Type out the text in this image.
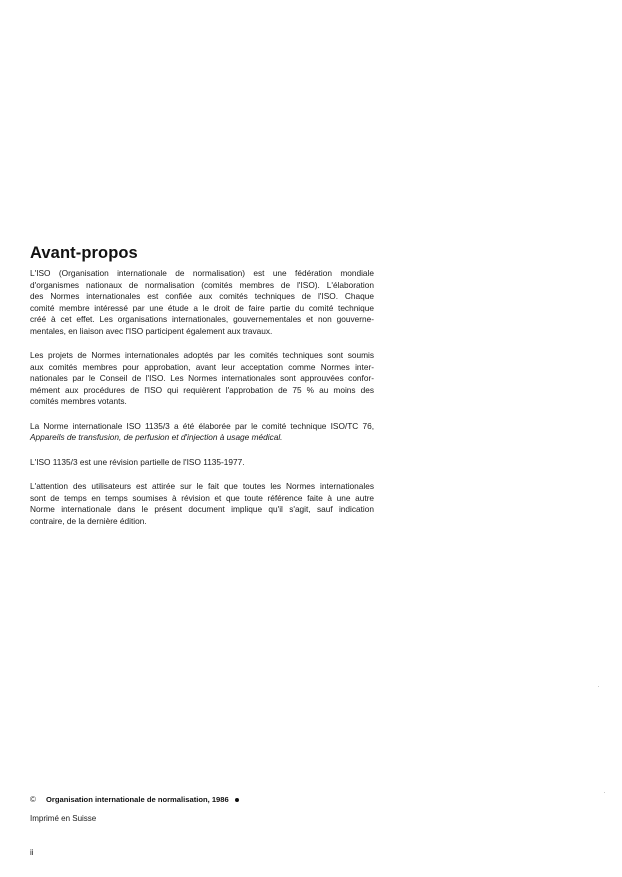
Avant-propos

L'ISO (Organisation internationale de normalisation) est une fédération mondiale
d'organismes nationaux de normalisation (comités membres de l'ISO). L'élaboration
des Normes internationales est confiée aux comités techniques de l'ISO. Chaque
comité membre intéressé par une étude a le droit de faire partie du comité technique
créé à cet effet. Les organisations internationales, gouvernementales et non gouverne-
mentales, en liaison avec l'ISO participent également aux travaux.

Les projets de Normes internationales adoptés par les comités techniques sont soumis
aux comités membres pour approbation, avant leur acceptation comme Normes inter-
nationales par le Conseil de l'ISO. Les Normes internationales sont approuvées confor-
mément aux procédures de l'ISO qui requièrent l'approbation de 75 % au moins des
comités membres votants.

La Norme internationale ISO 1135/3 a été élaborée par le comité technique ISO/TC 76,
Appareils de transfusion, de perfusion et d'injection à usage médical.

L'ISO 1135/3 est une révision partielle de l'ISO 1135-1977.

L'attention des utilisateurs est attirée sur le fait que toutes les Normes internationales
sont de temps en temps soumises à révision et que toute référence faite à une autre
Norme internationale dans le présent document implique qu'il s'agit, sauf indication
contraire, de la dernière édition.

© Organisation internationale de normalisation, 1986
Imprimé en Suisse
ii
